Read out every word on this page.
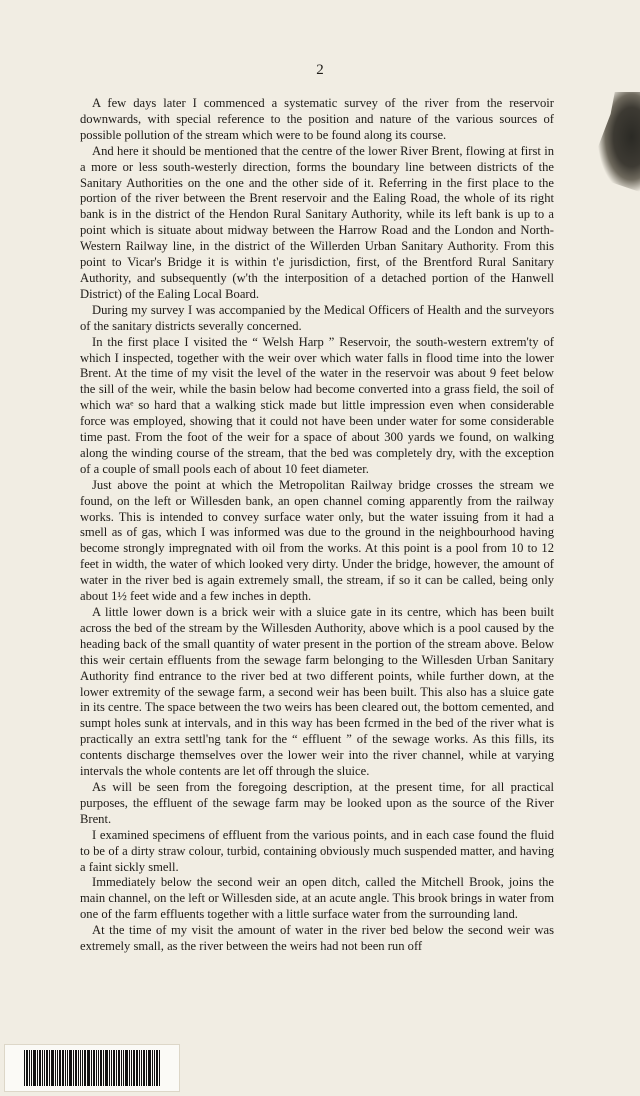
2

A few days later I commenced a systematic survey of the river from the reservoir downwards, with special reference to the position and nature of the various sources of possible pollution of the stream which were to be found along its course.

And here it should be mentioned that the centre of the lower River Brent, flowing at first in a more or less south-westerly direction, forms the boundary line between districts of the Sanitary Authorities on the one and the other side of it. Referring in the first place to the portion of the river between the Brent reservoir and the Ealing Road, the whole of its right bank is in the district of the Hendon Rural Sanitary Authority, while its left bank is up to a point which is situate about midway between the Harrow Road and the London and North-Western Railway line, in the district of the Willerden Urban Sanitary Authority. From this point to Vicar's Bridge it is within t'e jurisdiction, first, of the Brentford Rural Sanitary Authority, and subsequently (w'th the interposition of a detached portion of the Hanwell District) of the Ealing Local Board.

During my survey I was accompanied by the Medical Officers of Health and the surveyors of the sanitary districts severally concerned.

In the first place I visited the “ Welsh Harp ” Reservoir, the south-western extrem'ty of which I inspected, together with the weir over which water falls in flood time into the lower Brent. At the time of my visit the level of the water in the reservoir was about 9 feet below the sill of the weir, while the basin below had become converted into a grass field, the soil of which waᵉ so hard that a walking stick made but little impression even when considerable force was employed, showing that it could not have been under water for some considerable time past. From the foot of the weir for a space of about 300 yards we found, on walking along the winding course of the stream, that the bed was completely dry, with the exception of a couple of small pools each of about 10 feet diameter.

Just above the point at which the Metropolitan Railway bridge crosses the stream we found, on the left or Willesden bank, an open channel coming apparently from the railway works. This is intended to convey surface water only, but the water issuing from it had a smell as of gas, which I was informed was due to the ground in the neighbourhood having become strongly impregnated with oil from the works. At this point is a pool from 10 to 12 feet in width, the water of which looked very dirty. Under the bridge, however, the amount of water in the river bed is again extremely small, the stream, if so it can be called, being only about 1½ feet wide and a few inches in depth.

A little lower down is a brick weir with a sluice gate in its centre, which has been built across the bed of the stream by the Willesden Authority, above which is a pool caused by the heading back of the small quantity of water present in the portion of the stream above. Below this weir certain effluents from the sewage farm belonging to the Willesden Urban Sanitary Authority find entrance to the river bed at two different points, while further down, at the lower extremity of the sewage farm, a second weir has been built. This also has a sluice gate in its centre. The space between the two weirs has been cleared out, the bottom cemented, and sumpt holes sunk at intervals, and in this way has been fcrmed in the bed of the river what is practically an extra settl'ng tank for the “ effluent ” of the sewage works. As this fills, its contents discharge themselves over the lower weir into the river channel, while at varying intervals the whole contents are let off through the sluice.

As will be seen from the foregoing description, at the present time, for all practical purposes, the effluent of the sewage farm may be looked upon as the source of the River Brent.

I examined specimens of effluent from the various points, and in each case found the fluid to be of a dirty straw colour, turbid, containing obviously much suspended matter, and having a faint sickly smell.

Immediately below the second weir an open ditch, called the Mitchell Brook, joins the main channel, on the left or Willesden side, at an acute angle. This brook brings in water from one of the farm effluents together with a little surface water from the surrounding land.

At the time of my visit the amount of water in the river bed below the second weir was extremely small, as the river between the weirs had not been run off
